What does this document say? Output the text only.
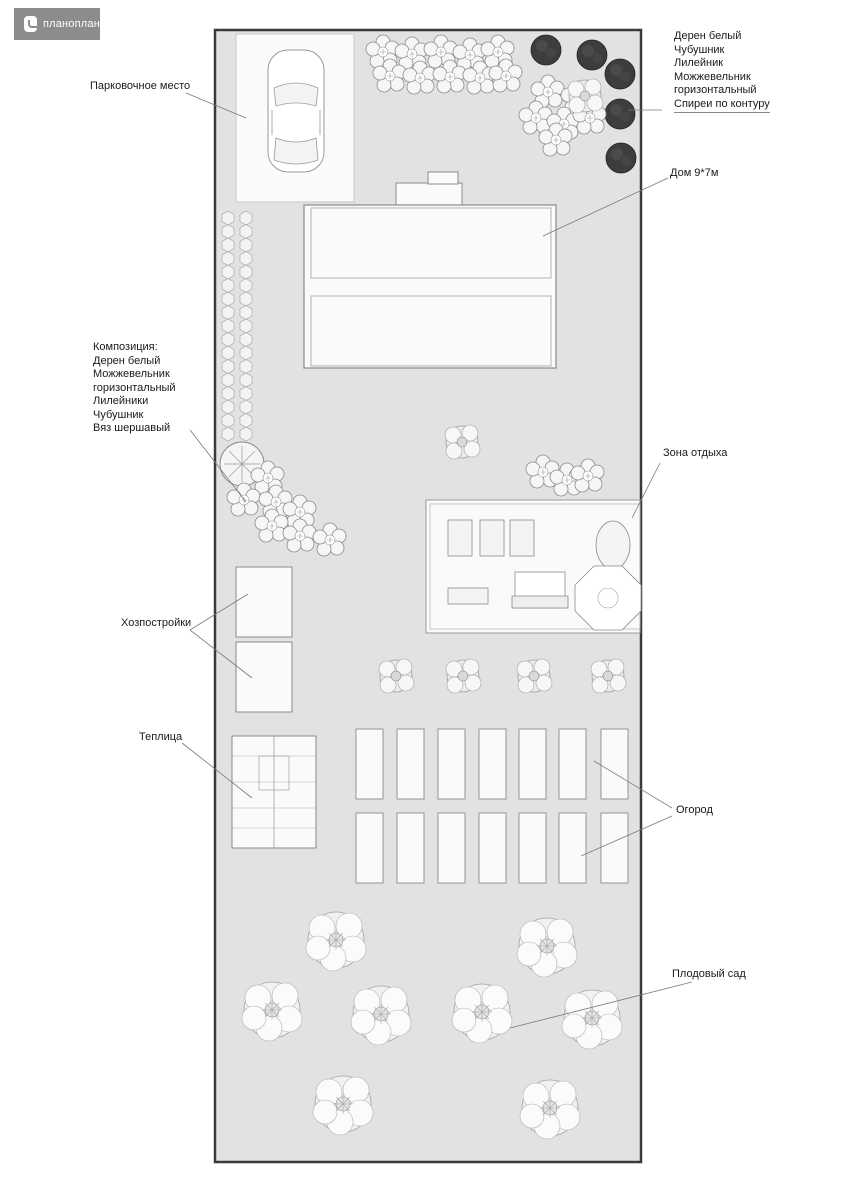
планоплан
Парковочное место
Дерен белый
Чубушник
Лилейник
Можжевельник
горизонтальный
Спиреи по контуру
Дом 9*7м
Композиция:
Дерен белый
Можжевельник
горизонтальный
Лилейники
Чубушник
Вяз шершавый
Зона отдыха
Хозпостройки
Теплица
Огород
Плодовый сад
